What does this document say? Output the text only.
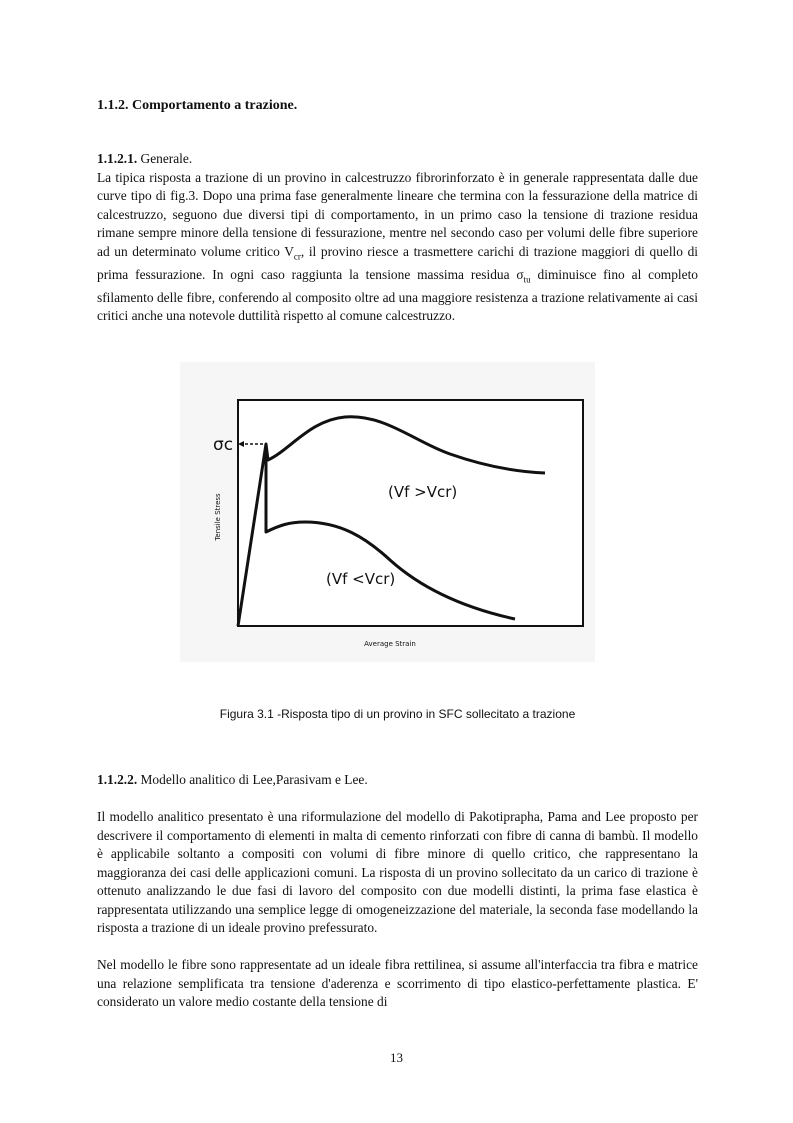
1.1.2. Comportamento a trazione.
1.1.2.1. Generale.
La tipica risposta a trazione di un provino in calcestruzzo fibrorinforzato è in generale rappresentata dalle due curve tipo di fig.3. Dopo una prima fase generalmente lineare che termina con la fessurazione della matrice di calcestruzzo, seguono due diversi tipi di comportamento, in un primo caso la tensione di trazione residua rimane sempre minore della tensione di fessurazione, mentre nel secondo caso per volumi delle fibre superiore ad un determinato volume critico $V_{cr}$, il provino riesce a trasmettere carichi di trazione maggiori di quello di prima fessurazione. In ogni caso raggiunta la tensione massima residua $\sigma_{tu}$ diminuisce fino al completo sfilamento delle fibre, conferendo al composito oltre ad una maggiore resistenza a trazione relativamente ai casi critici anche una notevole duttilità rispetto al comune calcestruzzo.
σc
Tensile Stress
Average Strain
(Vf >Vcr)
(Vf <Vcr)
Figura 3.1 -Risposta tipo di un provino in SFC sollecitato a trazione
1.1.2.2. Modello analitico di Lee,Parasivam e Lee.
Il modello analitico presentato è una riformulazione del modello di Pakotiprapha, Pama and Lee proposto per descrivere il comportamento di elementi in malta di cemento rinforzati con fibre di canna di bambù. Il modello è applicabile soltanto a compositi con volumi di fibre minore di quello critico, che rappresentano la maggioranza dei casi delle applicazioni comuni. La risposta di un provino sollecitato da un carico di trazione è ottenuto analizzando le due fasi di lavoro del composito con due modelli distinti, la prima fase elastica è rappresentata utilizzando una semplice legge di omogeneizzazione del materiale, la seconda fase modellando la risposta a trazione di un ideale provino prefessurato.
Nel modello le fibre sono rappresentate ad un ideale fibra rettilinea, si assume all'interfaccia tra fibra e matrice una relazione semplificata tra tensione d'aderenza e scorrimento di tipo elastico-perfettamente plastica. E' considerato un valore medio costante della tensione di
13
